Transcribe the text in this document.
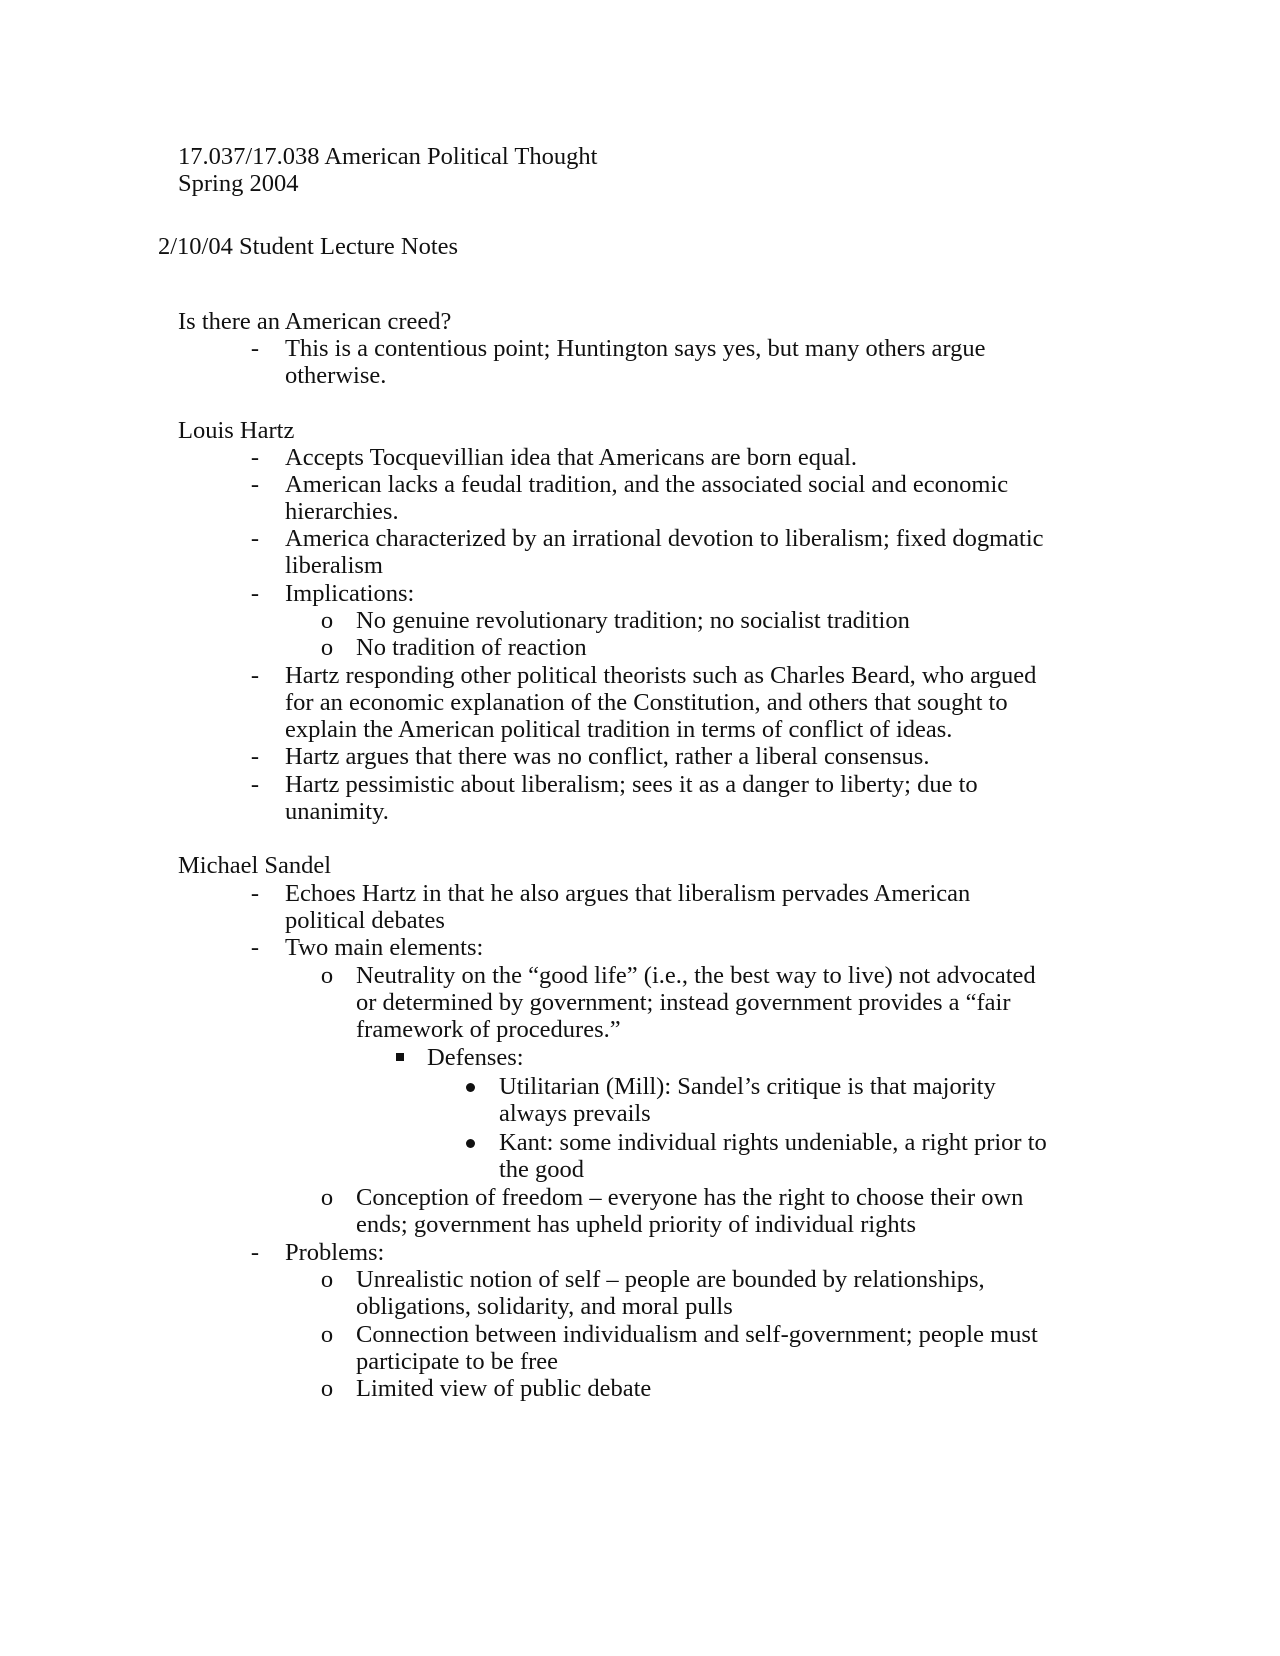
17.037/17.038 American Political Thought
Spring 2004
2/10/04 Student Lecture Notes
Is there an American creed?
- This is a contentious point; Huntington says yes, but many others argue
otherwise.
Louis Hartz
- Accepts Tocquevillian idea that Americans are born equal.
- American lacks a feudal tradition, and the associated social and economic
hierarchies.
- America characterized by an irrational devotion to liberalism; fixed dogmatic
liberalism
- Implications:
o No genuine revolutionary tradition; no socialist tradition
o No tradition of reaction
- Hartz responding other political theorists such as Charles Beard, who argued
for an economic explanation of the Constitution, and others that sought to
explain the American political tradition in terms of conflict of ideas.
- Hartz argues that there was no conflict, rather a liberal consensus.
- Hartz pessimistic about liberalism; sees it as a danger to liberty; due to
unanimity.
Michael Sandel
- Echoes Hartz in that he also argues that liberalism pervades American
political debates
- Two main elements:
o Neutrality on the “good life” (i.e., the best way to live) not advocated
or determined by government; instead government provides a “fair
framework of procedures.”
Defenses:
Utilitarian (Mill): Sandel’s critique is that majority
always prevails
Kant: some individual rights undeniable, a right prior to
the good
o Conception of freedom – everyone has the right to choose their own
ends; government has upheld priority of individual rights
- Problems:
o Unrealistic notion of self – people are bounded by relationships,
obligations, solidarity, and moral pulls
o Connection between individualism and self-government; people must
participate to be free
o Limited view of public debate
